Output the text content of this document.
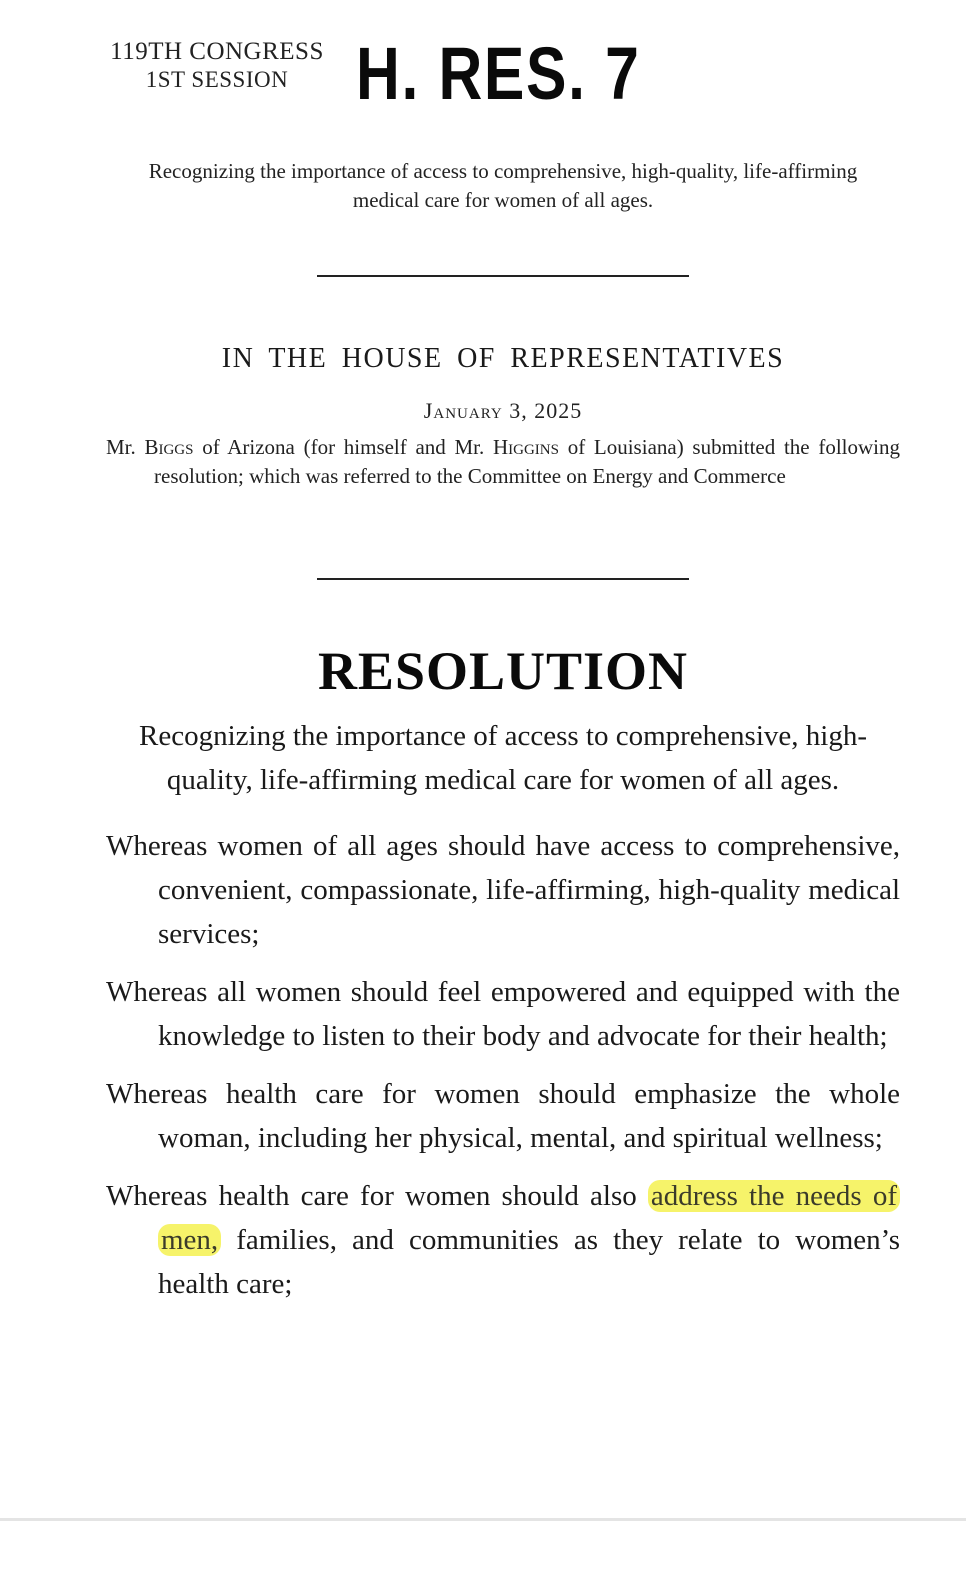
119TH CONGRESS
1ST SESSION H. RES. 7
Recognizing the importance of access to comprehensive, high-quality, life-affirming medical care for women of all ages.
IN THE HOUSE OF REPRESENTATIVES
January 3, 2025
Mr. Biggs of Arizona (for himself and Mr. Higgins of Louisiana) submitted the following resolution; which was referred to the Committee on Energy and Commerce
RESOLUTION
Recognizing the importance of access to comprehensive, high-quality, life-affirming medical care for women of all ages.

Whereas women of all ages should have access to comprehensive, convenient, compassionate, life-affirming, high-quality medical services;

Whereas all women should feel empowered and equipped with the knowledge to listen to their body and advocate for their health;

Whereas health care for women should emphasize the whole woman, including her physical, mental, and spiritual wellness;

Whereas health care for women should also address the needs of men, families, and communities as they relate to women’s health care;
